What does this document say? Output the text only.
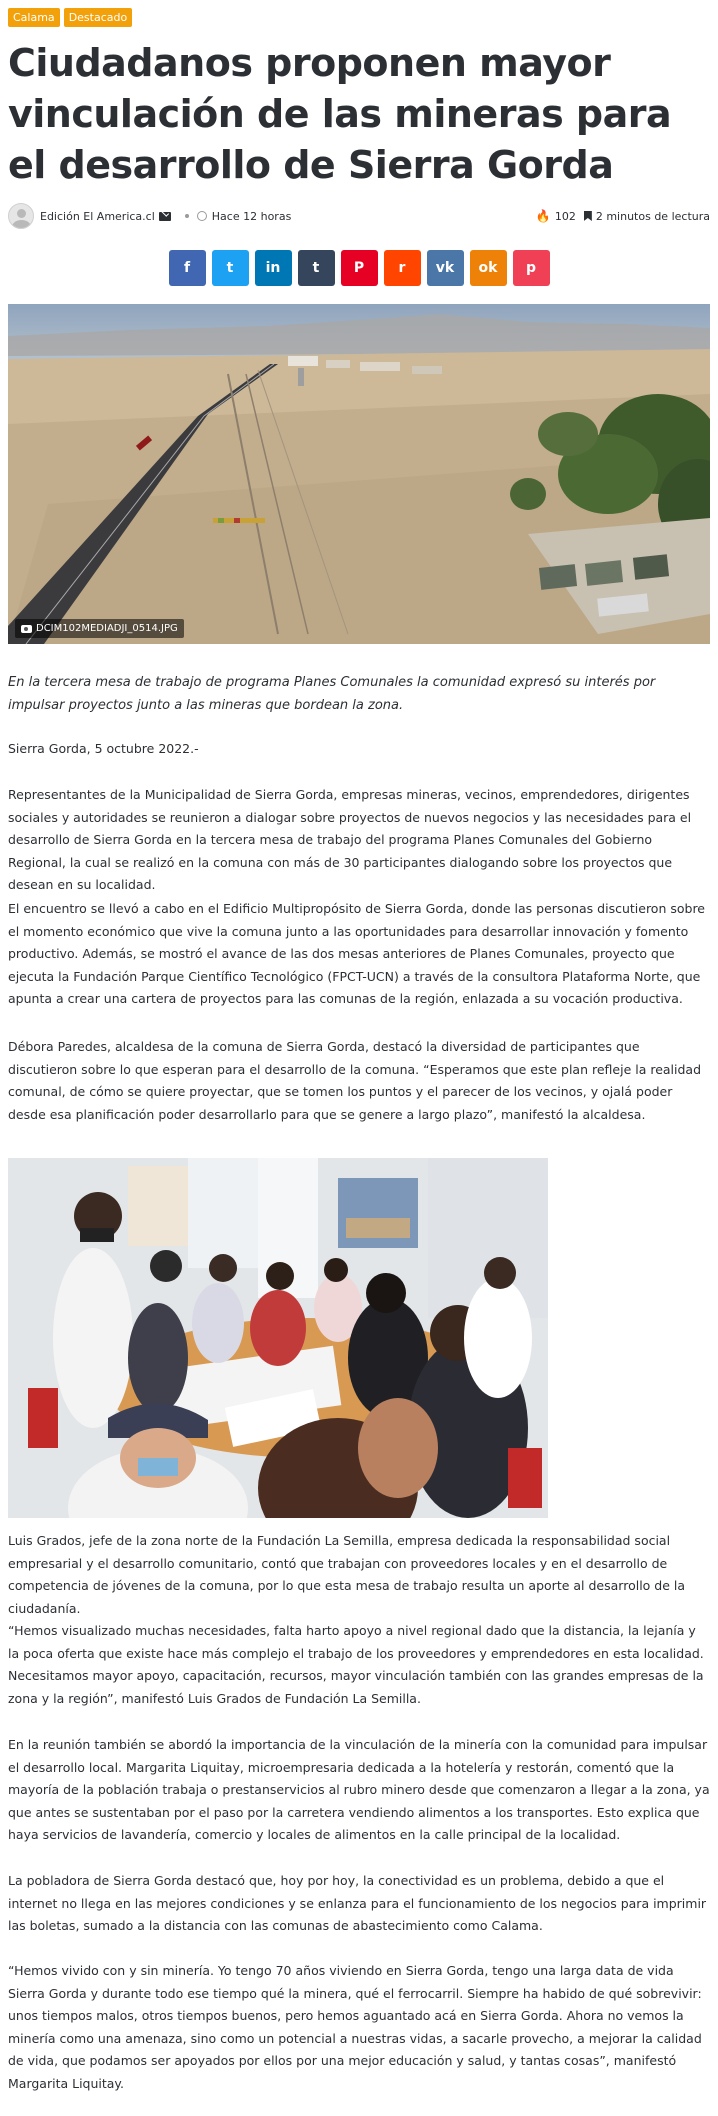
Calama	Destacado
Ciudadanos proponen mayor vinculación de las mineras para el desarrollo de Sierra Gorda
Edición El America.cl	Hace 12 horas	🔥 102 2 minutos de lectura
f	t in t P r vk ok p
DCIM102MEDIADJI_0514.JPG

En la tercera mesa de trabajo de programa Planes Comunales la comunidad expresó su interés por impulsar proyectos junto a las mineras que bordean la zona.

Sierra Gorda, 5 octubre 2022.-

Representantes de la Municipalidad de Sierra Gorda, empresas mineras, vecinos, emprendedores, dirigentes sociales y autoridades se reunieron a dialogar sobre proyectos de nuevos negocios y las necesidades para el desarrollo de Sierra Gorda en la tercera mesa de trabajo del programa Planes Comunales del Gobierno Regional, la cual se realizó en la comuna con más de 30 participantes dialogando sobre los proyectos que desean en su localidad.

El encuentro se llevó a cabo en el Edificio Multipropósito de Sierra Gorda, donde las personas discutieron sobre el momento económico que vive la comuna junto a las oportunidades para desarrollar innovación y fomento productivo. Además, se mostró el avance de las dos mesas anteriores de Planes Comunales, proyecto que ejecuta la Fundación Parque Científico Tecnológico (FPCT-UCN) a través de la consultora Plataforma Norte, que apunta a crear una cartera de proyectos para las comunas de la región, enlazada a su vocación productiva.

Débora Paredes, alcaldesa de la comuna de Sierra Gorda, destacó la diversidad de participantes que discutieron sobre lo que esperan para el desarrollo de la comuna. “Esperamos que este plan refleje la realidad comunal, de cómo se quiere proyectar, que se tomen los puntos y el parecer de los vecinos, y ojalá poder desde esa planificación poder desarrollarlo para que se genere a largo plazo”, manifestó la alcaldesa.

Luis Grados, jefe de la zona norte de la Fundación La Semilla, empresa dedicada la responsabilidad social empresarial y el desarrollo comunitario, contó que trabajan con proveedores locales y en el desarrollo de competencia de jóvenes de la comuna, por lo que esta mesa de trabajo resulta un aporte al desarrollo de la ciudadanía.

“Hemos visualizado muchas necesidades, falta harto apoyo a nivel regional dado que la distancia, la lejanía y la poca oferta que existe hace más complejo el trabajo de los proveedores y emprendedores en esta localidad. Necesitamos mayor apoyo, capacitación, recursos, mayor vinculación también con las grandes empresas de la zona y la región”, manifestó Luis Grados de Fundación La Semilla.

En la reunión también se abordó la importancia de la vinculación de la minería con la comunidad para impulsar el desarrollo local. Margarita Liquitay, microempresaria dedicada a la hotelería y restorán, comentó que la mayoría de la población trabaja o prestanservicios al rubro minero desde que comenzaron a llegar a la zona, ya que antes se sustentaban por el paso por la carretera vendiendo alimentos a los transportes. Esto explica que haya servicios de lavandería, comercio y locales de alimentos en la calle principal de la localidad.

La pobladora de Sierra Gorda destacó que, hoy por hoy, la conectividad es un problema, debido a que el internet no llega en las mejores condiciones y se enlanza para el funcionamiento de los negocios para imprimir las boletas, sumado a la distancia con las comunas de abastecimiento como Calama.

“Hemos vivido con y sin minería. Yo tengo 70 años viviendo en Sierra Gorda, tengo una larga data de vida Sierra Gorda y durante todo ese tiempo qué la minera, qué el ferrocarril. Siempre ha habido de qué sobrevivir: unos tiempos malos, otros tiempos buenos, pero hemos aguantado acá en Sierra Gorda. Ahora no vemos la minería como una amenaza, sino como un potencial a nuestras vidas, a sacarle provecho, a mejorar la calidad de vida, que podamos ser apoyados por ellos por una mejor educación y salud, y tantas cosas”, manifestó Margarita Liquitay.
